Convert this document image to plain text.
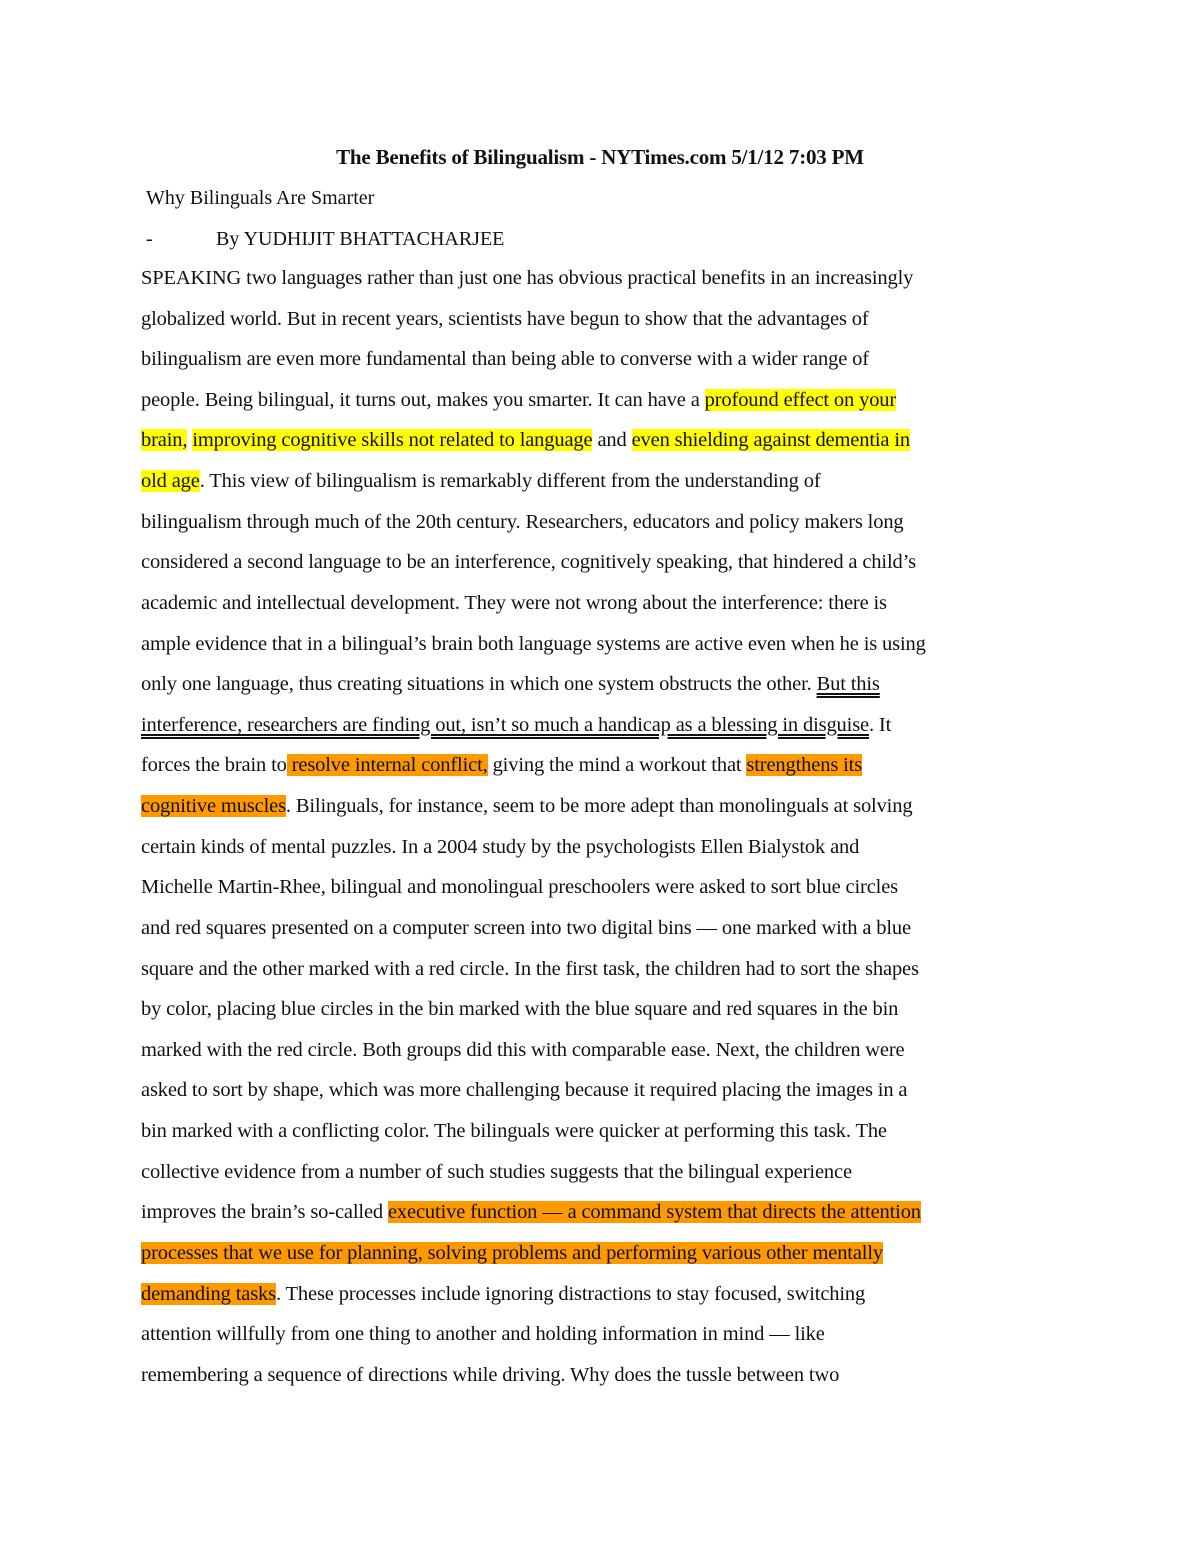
The Benefits of Bilingualism - NYTimes.com 5/1/12 7:03 PM
Why Bilinguals Are Smarter
-	By YUDHIJIT BHATTACHARJEE
SPEAKING two languages rather than just one has obvious practical benefits in an increasingly
globalized world. But in recent years, scientists have begun to show that the advantages of
bilingualism are even more fundamental than being able to converse with a wider range of
people. Being bilingual, it turns out, makes you smarter. It can have a profound effect on your
brain, improving cognitive skills not related to language and even shielding against dementia in
old age. This view of bilingualism is remarkably different from the understanding of
bilingualism through much of the 20th century. Researchers, educators and policy makers long
considered a second language to be an interference, cognitively speaking, that hindered a child’s
academic and intellectual development. They were not wrong about the interference: there is
ample evidence that in a bilingual’s brain both language systems are active even when he is using
only one language, thus creating situations in which one system obstructs the other. But this
interference, researchers are finding out, isn’t so much a handicap as a blessing in disguise. It
forces the brain to resolve internal conflict, giving the mind a workout that strengthens its
cognitive muscles. Bilinguals, for instance, seem to be more adept than monolinguals at solving
certain kinds of mental puzzles. In a 2004 study by the psychologists Ellen Bialystok and
Michelle Martin-Rhee, bilingual and monolingual preschoolers were asked to sort blue circles
and red squares presented on a computer screen into two digital bins — one marked with a blue
square and the other marked with a red circle. In the first task, the children had to sort the shapes
by color, placing blue circles in the bin marked with the blue square and red squares in the bin
marked with the red circle. Both groups did this with comparable ease. Next, the children were
asked to sort by shape, which was more challenging because it required placing the images in a
bin marked with a conflicting color. The bilinguals were quicker at performing this task. The
collective evidence from a number of such studies suggests that the bilingual experience
improves the brain’s so-called executive function — a command system that directs the attention
processes that we use for planning, solving problems and performing various other mentally
demanding tasks. These processes include ignoring distractions to stay focused, switching
attention willfully from one thing to another and holding information in mind — like
remembering a sequence of directions while driving. Why does the tussle between two
